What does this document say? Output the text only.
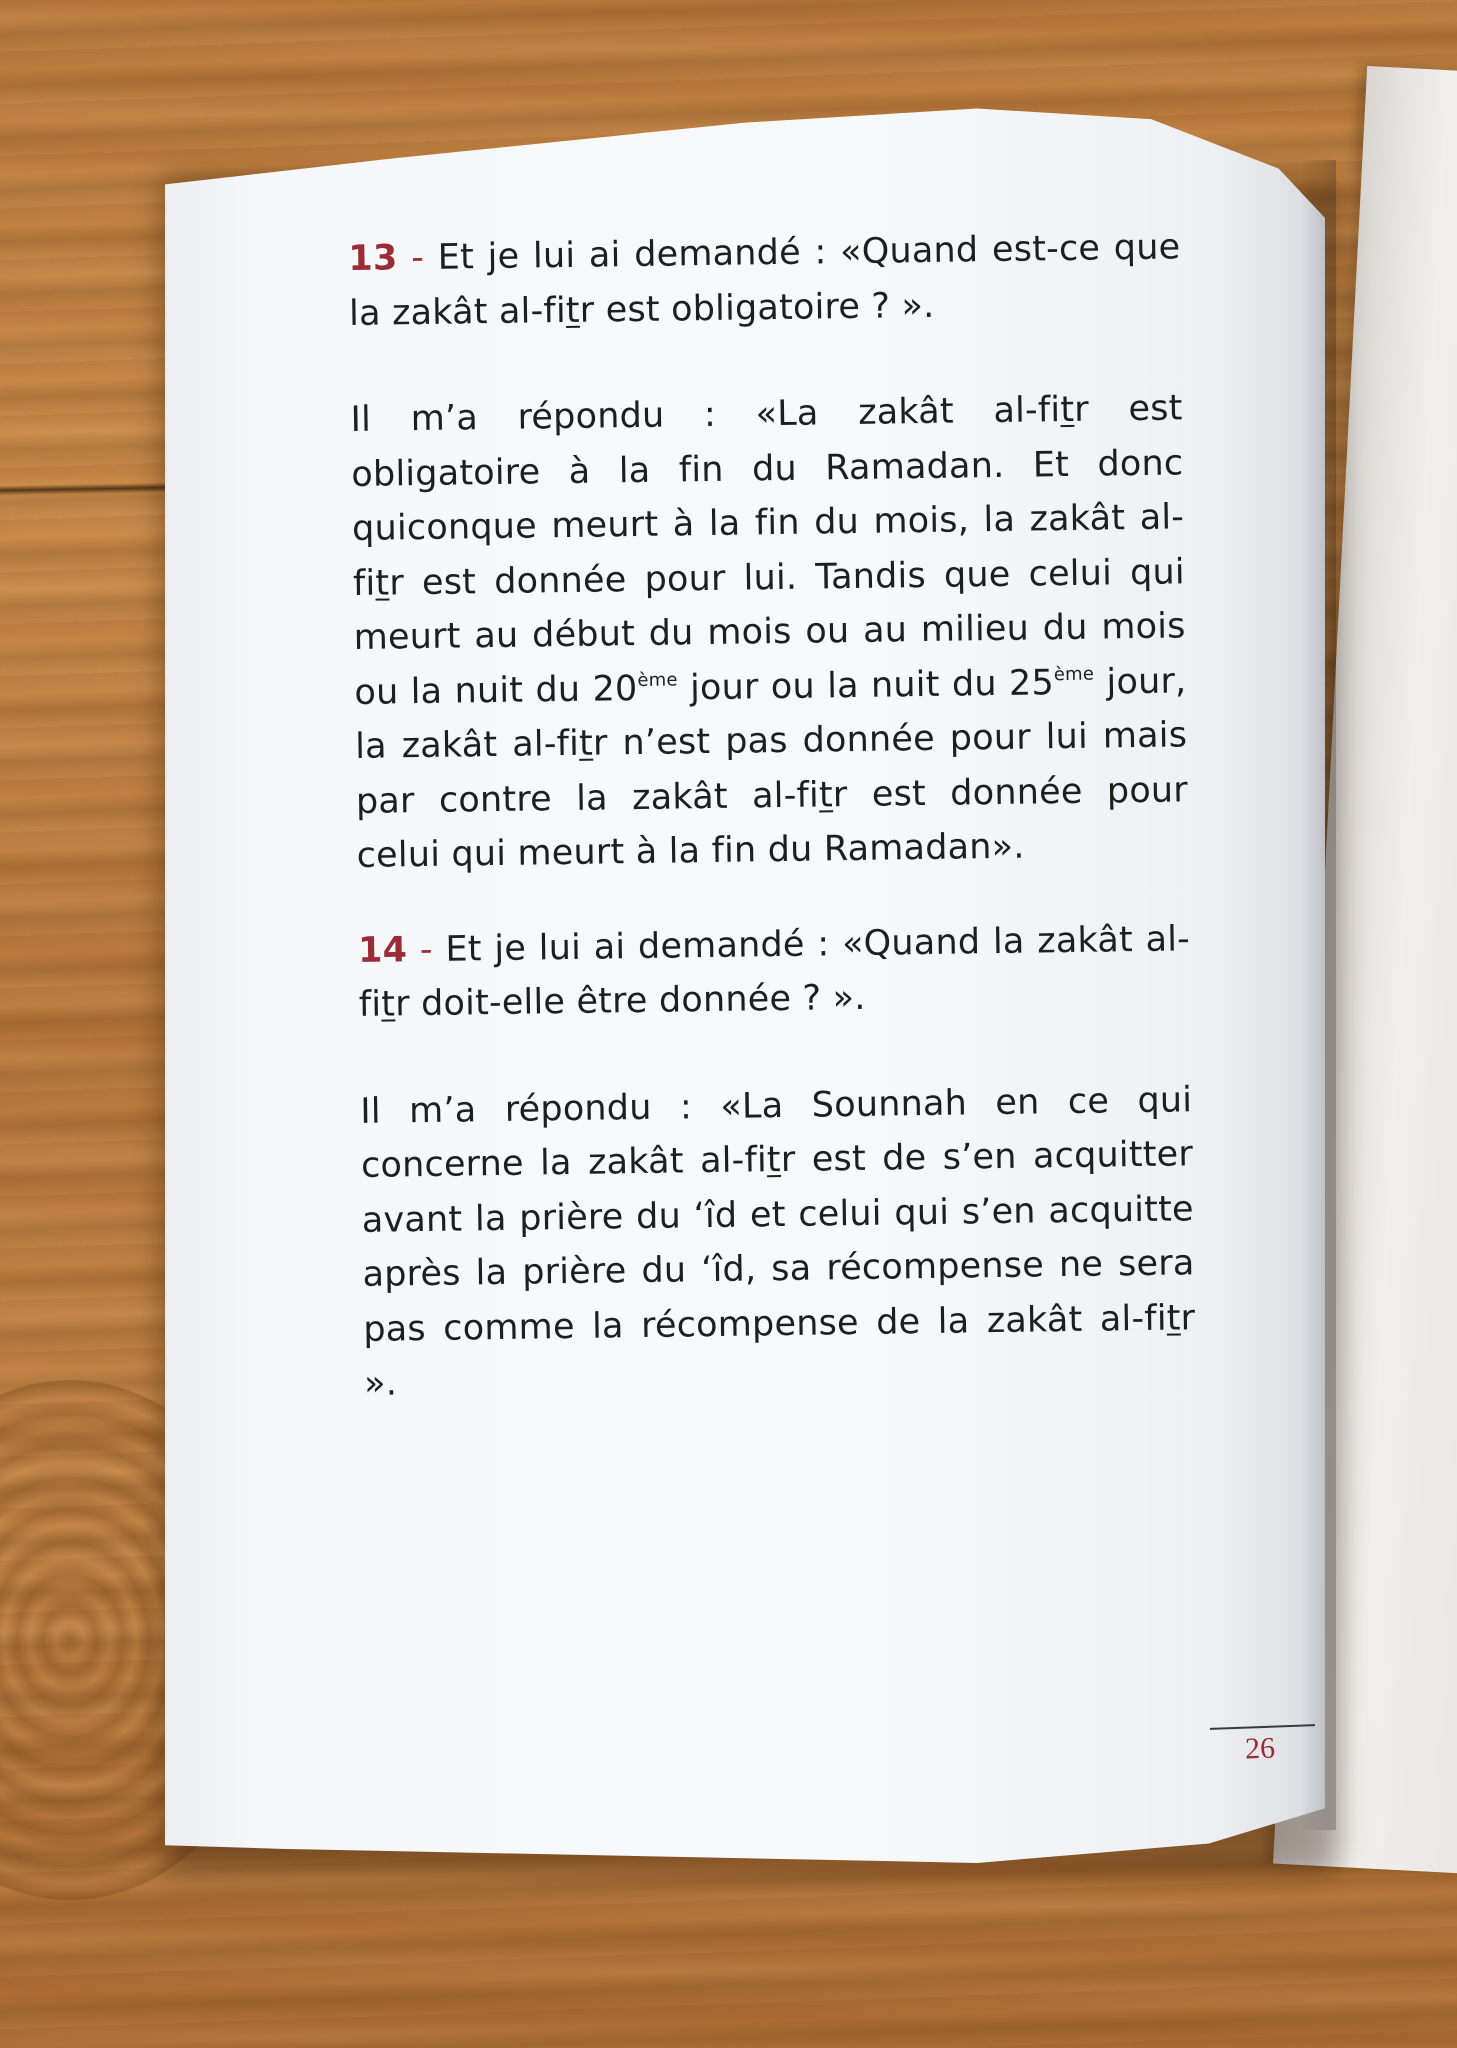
13 - Et je lui ai demandé : «Quand est-ce que la zakât al-fitr est obligatoire ? ».

Il m’a répondu : «La zakât al-fitr est obligatoire à la fin du Ramadan. Et donc quiconque meurt à la fin du mois, la zakât al-fitr est donnée pour lui. Tandis que celui qui meurt au début du mois ou au milieu du mois ou la nuit du 20ème jour ou la nuit du 25ème jour, la zakât al-fitr n’est pas donnée pour lui mais par contre la zakât al-fitr est donnée pour celui qui meurt à la fin du Ramadan».

14 - Et je lui ai demandé : «Quand la zakât al-fitr doit-elle être donnée ? ».

Il m’a répondu : «La Sounnah en ce qui concerne la zakât al-fitr est de s’en acquitter avant la prière du ‘îd et celui qui s’en acquitte après la prière du ‘îd, sa récompense ne sera pas comme la récompense de la zakât al-fitr ».

26
